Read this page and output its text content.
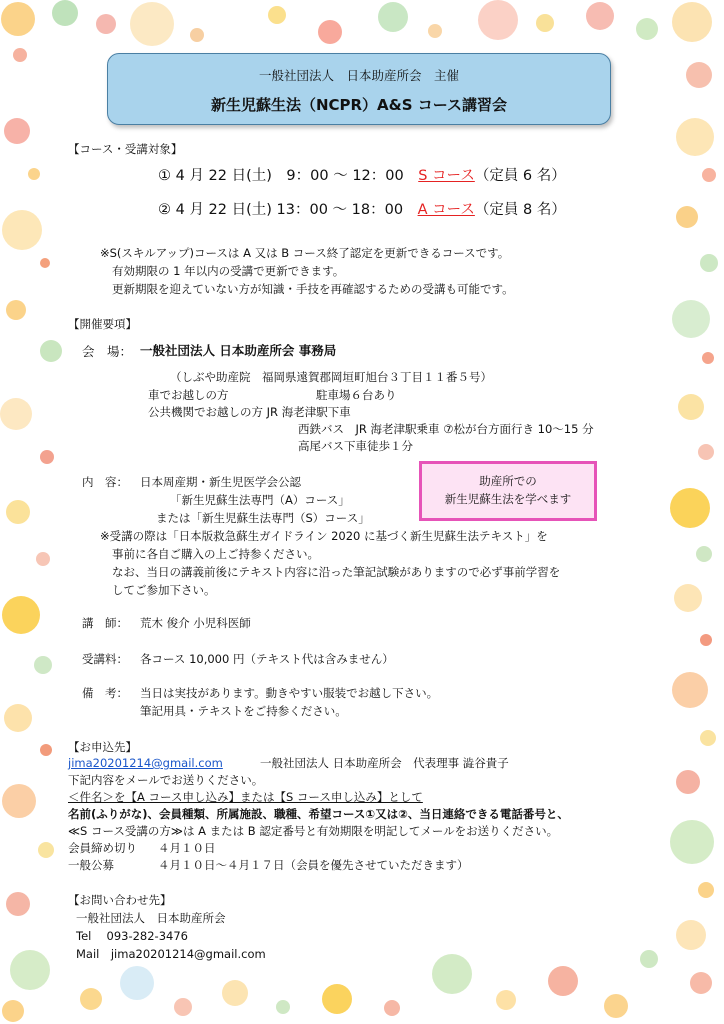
一般社団法人　日本助産所会　主催
新生児蘇生法（NCPR）A&S コース講習会
【コース・受講対象】
① 4 月 22 日(土)　9：00 ～ 12：00　S コース（定員 6 名）
② 4 月 22 日(土) 13：00 ～ 18：00　A コース（定員 8 名）
※S(スキルアップ)コースは A 又は B コース終了認定を更新できるコースです。
有効期限の 1 年以内の受講で更新できます。
更新期限を迎えていない方が知識・手技を再確認するための受講も可能です。
【開催要項】
会　場： 一般社団法人 日本助産所会 事務局
（しぶや助産院　福岡県遠賀郡岡垣町旭台３丁目１１番５号）
車でお越しの方	駐車場６台あり
公共機関でお越しの方 JR 海老津駅下車
西鉄バス　JR 海老津駅乗車 ⑦松が台方面行き 10～15 分
高尾バス下車徒歩１分
内　容： 日本周産期・新生児医学会公認
「新生児蘇生法専門（A）コース」
または「新生児蘇生法専門（S）コース」
助産所での
新生児蘇生法を学べます
※受講の際は「日本版救急蘇生ガイドライン 2020 に基づく新生児蘇生法テキスト」を
事前に各自ご購入の上ご持参ください。
なお、当日の講義前後にテキスト内容に沿った筆記試験がありますので必ず事前学習を
してご参加下さい。
講　師： 荒木 俊介 小児科医師
受講料： 各コース 10,000 円（テキスト代は含みません）
備　考： 当日は実技があります。動きやすい服装でお越し下さい。
筆記用具・テキストをご持参ください。
【お申込先】
jima20201214@gmail.com	一般社団法人 日本助産所会　代表理事 澁谷貴子
下記内容をメールでお送りください。
＜件名＞を【A コース申し込み】または【S コース申し込み】として
名前(ふりがな)、会員種類、所属施設、職種、希望コース①又は②、当日連絡できる電話番号と、
≪S コース受講の方≫は A または B 認定番号と有効期限を明記してメールをお送りください。
会員締め切り ４月１０日
一般公募	４月１０日～４月１７日（会員を優先させていただきます）
【お問い合わせ先】
一般社団法人　日本助産所会
Tel　 093-282-3476
Mail　jima20201214@gmail.com
